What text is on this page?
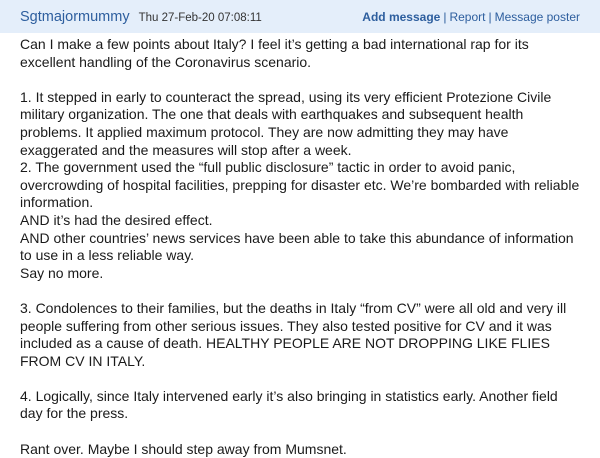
Sgtmajormummy Thu 27-Feb-20 07:08:11	Add message | Report | Message poster

Can I make a few points about Italy? I feel it’s getting a bad international rap for its excellent handling of the Coronavirus scenario.

1. It stepped in early to counteract the spread, using its very efficient Protezione Civile military organization. The one that deals with earthquakes and subsequent health problems. It applied maximum protocol. They are now admitting they may have exaggerated and the measures will stop after a week.

2. The government used the “full public disclosure” tactic in order to avoid panic, overcrowding of hospital facilities, prepping for disaster etc. We’re bombarded with reliable information.

AND it’s had the desired effect.

AND other countries’ news services have been able to take this abundance of information to use in a less reliable way.

Say no more.

3. Condolences to their families, but the deaths in Italy “from CV” were all old and very ill people suffering from other serious issues. They also tested positive for CV and it was included as a cause of death. HEALTHY PEOPLE ARE NOT DROPPING LIKE FLIES FROM CV IN ITALY.

4. Logically, since Italy intervened early it’s also bringing in statistics early. Another field day for the press.

Rant over. Maybe I should step away from Mumsnet.
